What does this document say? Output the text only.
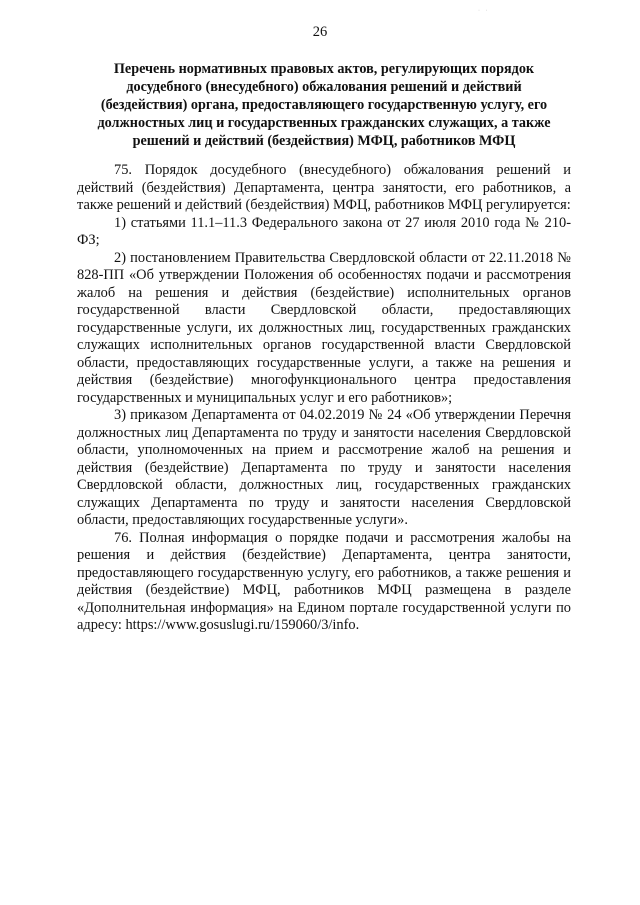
· ·
26
Перечень нормативных правовых актов, регулирующих порядок досудебного (внесудебного) обжалования решений и действий (бездействия) органа, предоставляющего государственную услугу, его должностных лиц и государственных гражданских служащих, а также решений и действий (бездействия) МФЦ, работников МФЦ

75. Порядок досудебного (внесудебного) обжалования решений и действий (бездействия) Департамента, центра занятости, его работников, а также решений и действий (бездействия) МФЦ, работников МФЦ регулируется:

1) статьями 11.1–11.3 Федерального закона от 27 июля 2010 года № 210-ФЗ;

2) постановлением Правительства Свердловской области от 22.11.2018 № 828-ПП «Об утверждении Положения об особенностях подачи и рассмотрения жалоб на решения и действия (бездействие) исполнительных органов государственной власти Свердловской области, предоставляющих государственные услуги, их должностных лиц, государственных гражданских служащих исполнительных органов государственной власти Свердловской области, предоставляющих государственные услуги, а также на решения и действия (бездействие) многофункционального центра предоставления государственных и муниципальных услуг и его работников»;

3) приказом Департамента от 04.02.2019 № 24 «Об утверждении Перечня должностных лиц Департамента по труду и занятости населения Свердловской области, уполномоченных на прием и рассмотрение жалоб на решения и действия (бездействие) Департамента по труду и занятости населения Свердловской области, должностных лиц, государственных гражданских служащих Департамента по труду и занятости населения Свердловской области, предоставляющих государственные услуги».

76. Полная информация о порядке подачи и рассмотрения жалобы на решения и действия (бездействие) Департамента, центра занятости, предоставляющего государственную услугу, его работников, а также решения и действия (бездействие) МФЦ, работников МФЦ размещена в разделе «Дополнительная информация» на Едином портале государственной услуги по адресу: https://www.gosuslugi.ru/159060/3/info.
